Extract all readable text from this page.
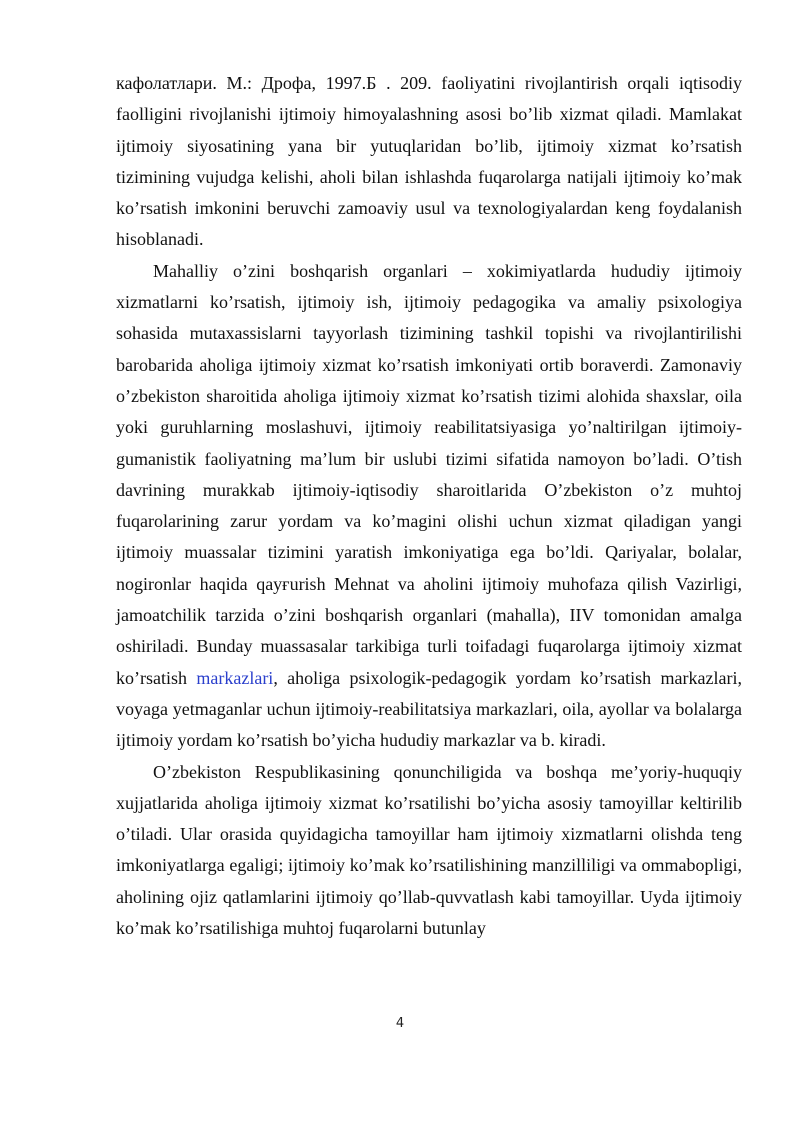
кафолатлари. М.: Дрофа, 1997.Б . 209. faoliyatini rivojlantirish orqali iqtisodiy faolligini rivojlanishi ijtimoiy himoyalashning asosi bo’lib xizmat qiladi. Mamlakat ijtimoiy siyosatining yana bir yutuqlaridan bo’lib, ijtimoiy xizmat ko’rsatish tizimining vujudga kelishi, aholi bilan ishlashda fuqarolarga natijali ijtimoiy ko’mak ko’rsatish imkonini beruvchi zamoaviy usul va texnologiyalardan keng foydalanish hisoblanadi.

Mahalliy o’zini boshqarish organlari – xokimiyatlarda hududiy ijtimoiy xizmatlarni ko’rsatish, ijtimoiy ish, ijtimoiy pedagogika va amaliy psixologiya sohasida mutaxassislarni tayyorlash tizimining tashkil topishi va rivojlantirilishi barobarida aholiga ijtimoiy xizmat ko’rsatish imkoniyati ortib boraverdi. Zamonaviy o’zbekiston sharoitida aholiga ijtimoiy xizmat ko’rsatish tizimi alohida shaxslar, oila yoki guruhlarning moslashuvi, ijtimoiy reabilitatsiyasiga yo’naltirilgan ijtimoiy-gumanistik faoliyatning ma’lum bir uslubi tizimi sifatida namoyon bo’ladi. O’tish davrining murakkab ijtimoiy-iqtisodiy sharoitlarida O’zbekiston o’z muhtoj fuqarolarining zarur yordam va ko’magini olishi uchun xizmat qiladigan yangi ijtimoiy muassalar tizimini yaratish imkoniyatiga ega bo’ldi. Qariyalar, bolalar, nogironlar haqida qayғurish Mehnat va aholini ijtimoiy muhofaza qilish Vazirligi, jamoatchilik tarzida o’zini boshqarish organlari (mahalla), IIV tomonidan amalga oshiriladi. Bunday muassasalar tarkibiga turli toifadagi fuqarolarga ijtimoiy xizmat ko’rsatish markazlari, aholiga psixologik-pedagogik yordam ko’rsatish markazlari, voyaga yetmaganlar uchun ijtimoiy-reabilitatsiya markazlari, oila, ayollar va bolalarga ijtimoiy yordam ko’rsatish bo’yicha hududiy markazlar va b. kiradi.

O’zbekiston Respublikasining qonunchiligida va boshqa me’yoriy-huquqiy xujjatlarida aholiga ijtimoiy xizmat ko’rsatilishi bo’yicha asosiy tamoyillar keltirilib o’tiladi. Ular orasida quyidagicha tamoyillar ham ijtimoiy xizmatlarni olishda teng imkoniyatlarga egaligi; ijtimoiy ko’mak ko’rsatilishining manzilliligi va ommabopligi, aholining ojiz qatlamlarini ijtimoiy qo’llab-quvvatlash kabi tamoyillar. Uyda ijtimoiy ko’mak ko’rsatilishiga muhtoj fuqarolarni butunlay

4
